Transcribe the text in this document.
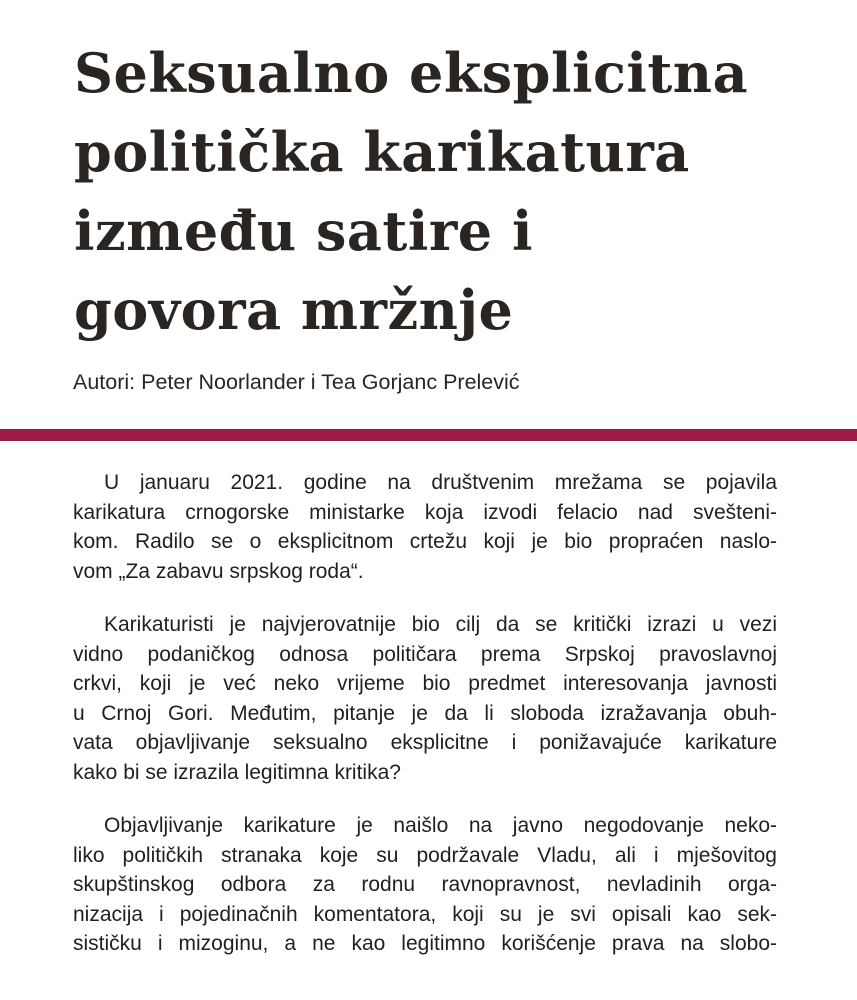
Seksualno eksplicitna
politička karikatura
između satire i
govora mržnje

Autori: Peter Noorlander i Tea Gorjanc Prelević

U januaru 2021. godine na društvenim mrežama se pojavila
karikatura crnogorske ministarke koja izvodi felacio nad svešteni-
kom. Radilo se o eksplicitnom crtežu koji je bio propraćen naslo-
vom „Za zabavu srpskog roda“.

Karikaturisti je najvjerovatnije bio cilj da se kritički izrazi u vezi
vidno podaničkog odnosa političara prema Srpskoj pravoslavnoj
crkvi, koji je već neko vrijeme bio predmet interesovanja javnosti
u Crnoj Gori. Međutim, pitanje je da li sloboda izražavanja obuh-
vata objavljivanje seksualno eksplicitne i ponižavajuće karikature
kako bi se izrazila legitimna kritika?

Objavljivanje karikature je naišlo na javno negodovanje neko-
liko političkih stranaka koje su podržavale Vladu, ali i mješovitog
skupštinskog odbora za rodnu ravnopravnost, nevladinih orga-
nizacija i pojedinačnih komentatora, koji su je svi opisali kao sek-
sističku i mizoginu, a ne kao legitimno korišćenje prava na slobo-
